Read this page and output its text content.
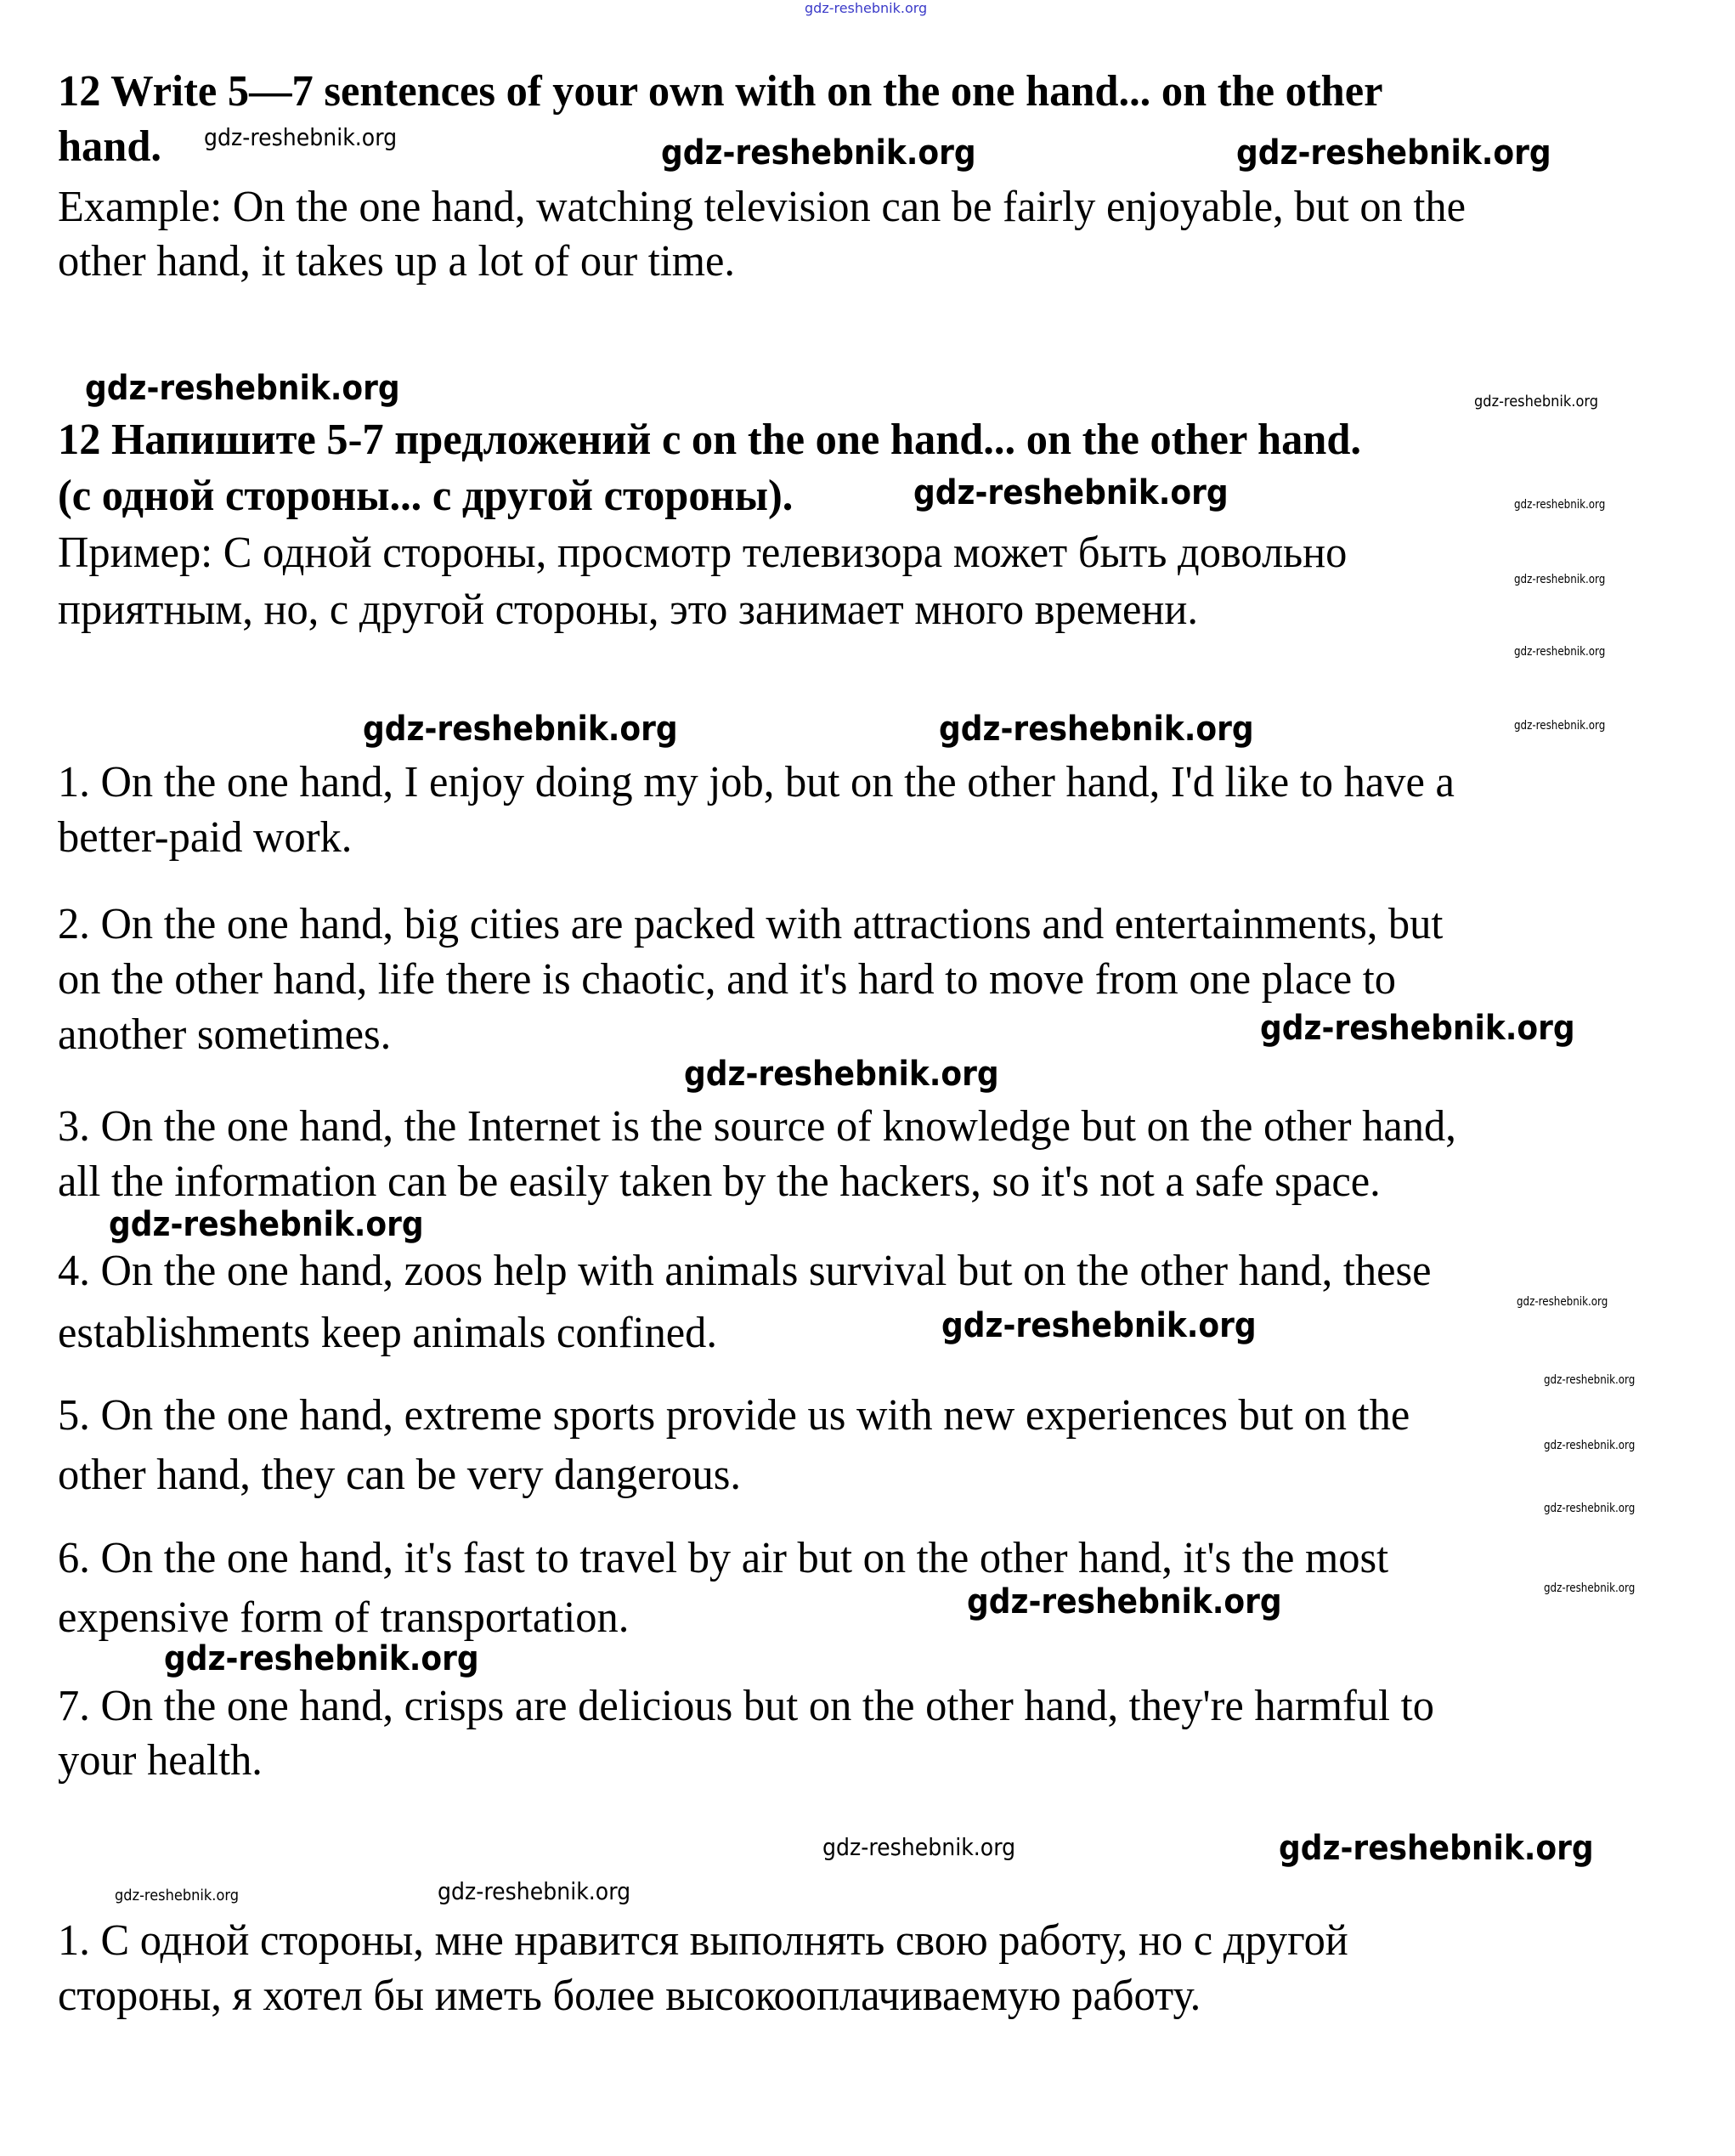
gdz-reshebnik.org
12 Write 5—7 sentences of your own with on the one hand... on the other
hand. gdz-reshebnik.org	gdz-reshebnik.org	gdz-reshebnik.org
Example: On the one hand, watching television can be fairly enjoyable, but on the
other hand, it takes up a lot of our time.
gdz-reshebnik.org	gdz-reshebnik.org
12 Напишите 5-7 предложений с on the one hand... on the other hand.
(с одной стороны... с другой стороны).	gdz-reshebnik.org	gdz-reshebnik.org
Пример: С одной стороны, просмотр телевизора может быть довольно
gdz-reshebnik.org
приятным, но, с другой стороны, это занимает много времени.
gdz-reshebnik.org
gdz-reshebnik.org	gdz-reshebnik.org	gdz-reshebnik.org
1. On the one hand, I enjoy doing my job, but on the other hand, I'd like to have a
better-paid work.
2. On the one hand, big cities are packed with attractions and entertainments, but
on the other hand, life there is chaotic, and it's hard to move from one place to
another sometimes.	gdz-reshebnik.org
gdz-reshebnik.org
3. On the one hand, the Internet is the source of knowledge but on the other hand,
all the information can be easily taken by the hackers, so it's not a safe space.
gdz-reshebnik.org
4. On the one hand, zoos help with animals survival but on the other hand, these
gdz-reshebnik.org
establishments keep animals confined.	gdz-reshebnik.org
gdz-reshebnik.org
5. On the one hand, extreme sports provide us with new experiences but on the
gdz-reshebnik.org
other hand, they can be very dangerous.
gdz-reshebnik.org
6. On the one hand, it's fast to travel by air but on the other hand, it's the most
gdz-reshebnik.org
gdz-reshebnik.org
expensive form of transportation.
gdz-reshebnik.org
7. On the one hand, crisps are delicious but on the other hand, they're harmful to
your health.
gdz-reshebnik.org	gdz-reshebnik.org
gdz-reshebnik.org	gdz-reshebnik.org
1. С одной стороны, мне нравится выполнять свою работу, но с другой
стороны, я хотел бы иметь более высокооплачиваемую работу.
